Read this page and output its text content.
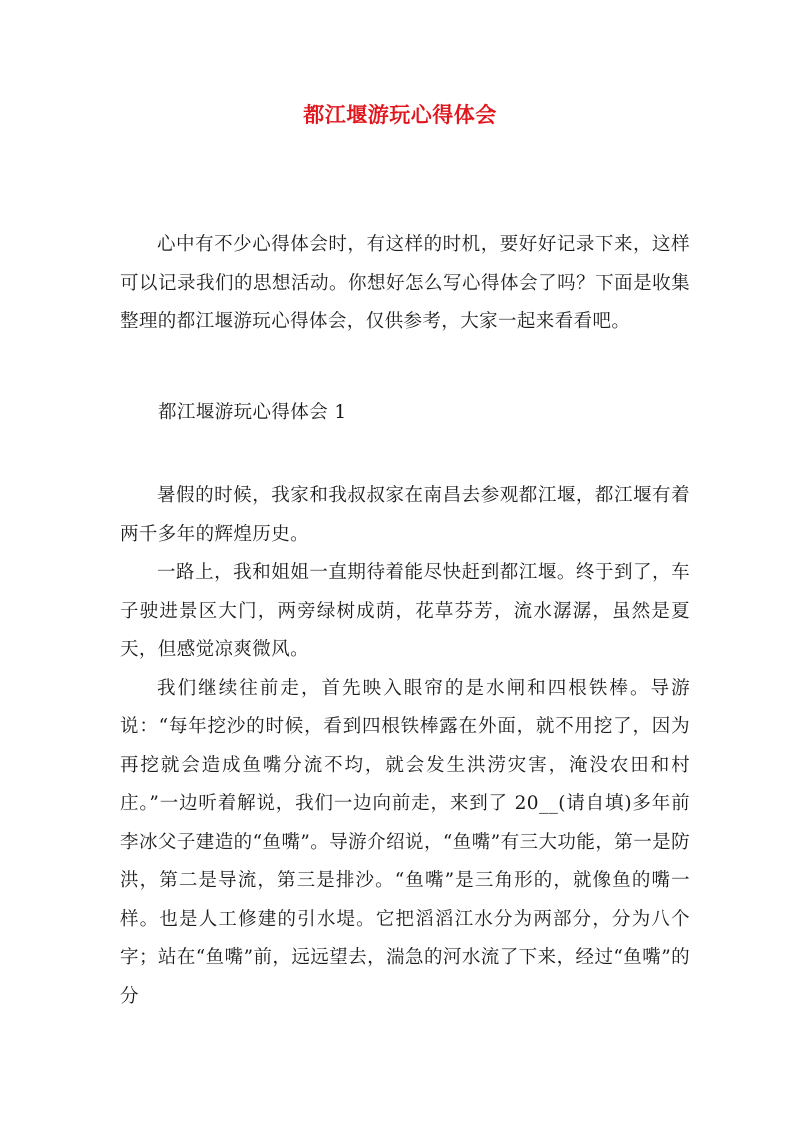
都江堰游玩心得体会

心中有不少心得体会时，有这样的时机，要好好记录下来，这样可以记录我们的思想活动。你想好怎么写心得体会了吗？下面是收集整理的都江堰游玩心得体会，仅供参考，大家一起来看看吧。

都江堰游玩心得体会 1

暑假的时候，我家和我叔叔家在南昌去参观都江堰，都江堰有着两千多年的辉煌历史。

一路上，我和姐姐一直期待着能尽快赶到都江堰。终于到了，车子驶进景区大门，两旁绿树成荫，花草芬芳，流水潺潺，虽然是夏天，但感觉凉爽微风。

我们继续往前走，首先映入眼帘的是水闸和四根铁棒。导游说：“每年挖沙的时候，看到四根铁棒露在外面，就不用挖了，因为再挖就会造成鱼嘴分流不均，就会发生洪涝灾害，淹没农田和村庄。”一边听着解说，我们一边向前走，来到了 20__(请自填)多年前李冰父子建造的“鱼嘴”。导游介绍说，“鱼嘴”有三大功能，第一是防洪，第二是导流，第三是排沙。“鱼嘴”是三角形的，就像鱼的嘴一样。也是人工修建的引水堤。它把滔滔江水分为两部分，分为八个字；站在“鱼嘴”前，远远望去，湍急的河水流了下来，经过“鱼嘴”的分
